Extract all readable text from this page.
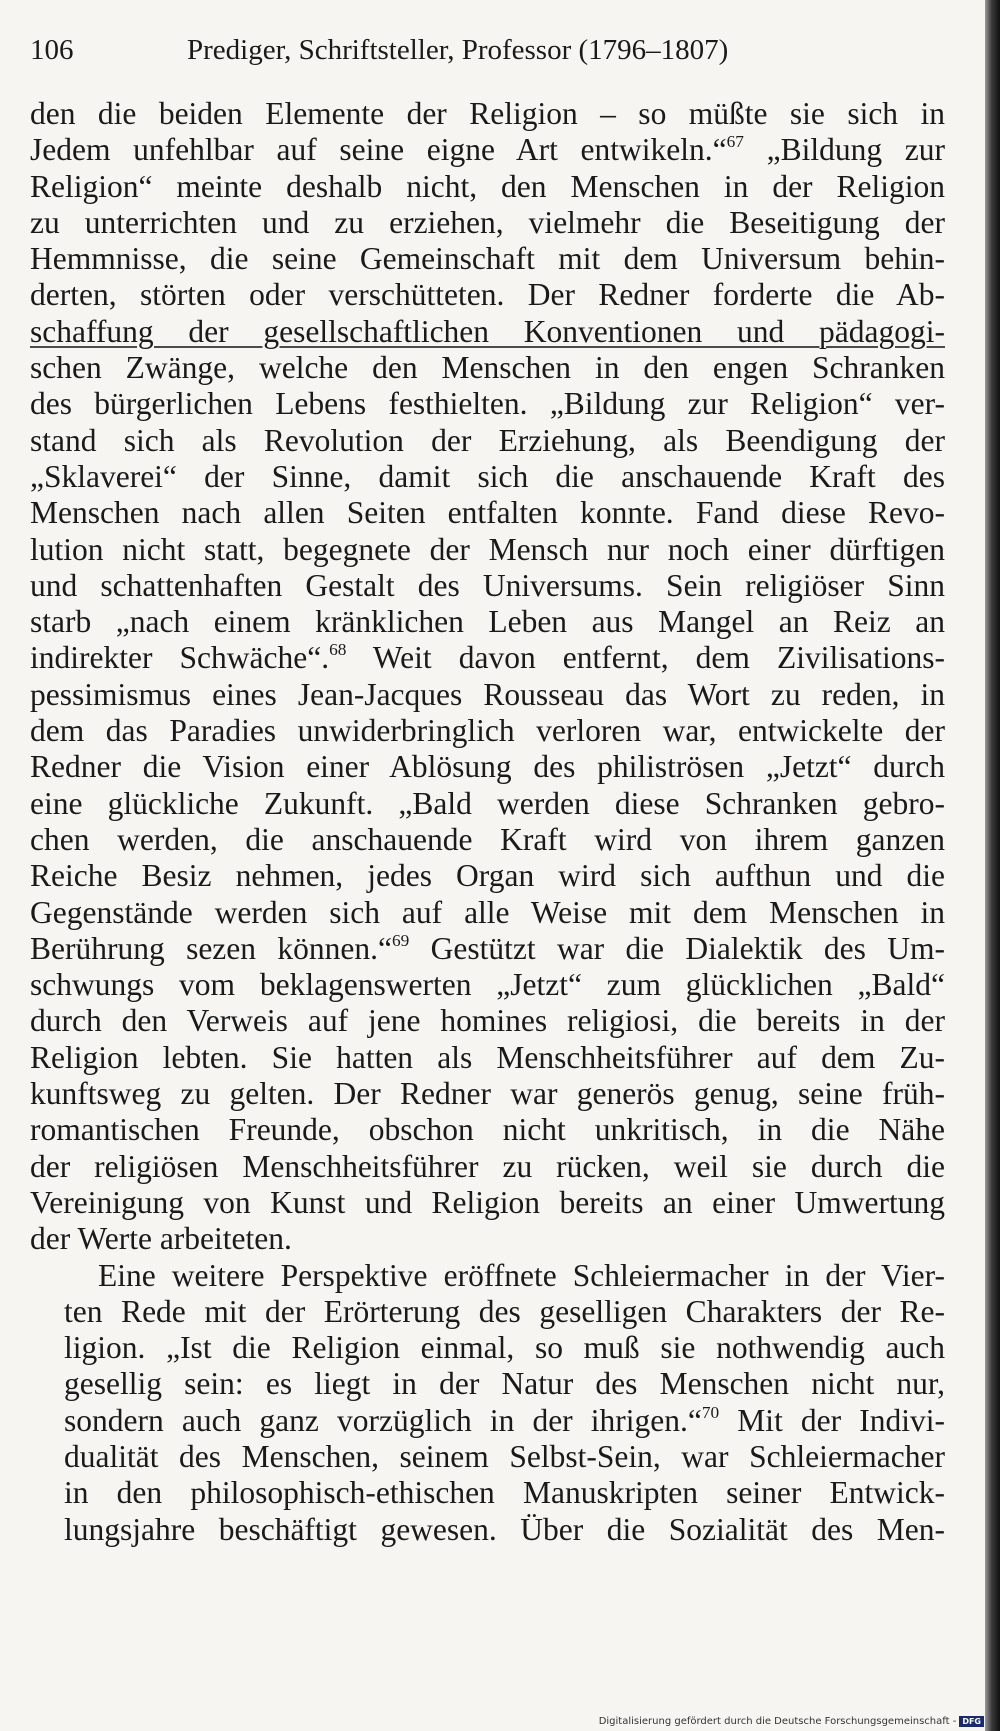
106	Prediger, Schriftsteller, Professor (1796–1807)
den die beiden Elemente der Religion – so müßte sie sich in
Jedem unfehlbar auf seine eigne Art entwikeln.“$^{67}$ „Bildung zur
Religion“ meinte deshalb nicht, den Menschen in der Religion
zu unterrichten und zu erziehen, vielmehr die Beseitigung der
Hemmnisse, die seine Gemeinschaft mit dem Universum behin-
derten, störten oder verschütteten. Der Redner forderte die Ab-
schaffung der gesellschaftlichen Konventionen und pädagogi-
schen Zwänge, welche den Menschen in den engen Schranken
des bürgerlichen Lebens festhielten. „Bildung zur Religion“ ver-
stand sich als Revolution der Erziehung, als Beendigung der
„Sklaverei“ der Sinne, damit sich die anschauende Kraft des
Menschen nach allen Seiten entfalten konnte. Fand diese Revo-
lution nicht statt, begegnete der Mensch nur noch einer dürftigen
und schattenhaften Gestalt des Universums. Sein religiöser Sinn
starb „nach einem kränklichen Leben aus Mangel an Reiz an
indirekter Schwäche“.$^{68}$ Weit davon entfernt, dem Zivilisations-
pessimismus eines Jean-Jacques Rousseau das Wort zu reden, in
dem das Paradies unwiderbringlich verloren war, entwickelte der
Redner die Vision einer Ablösung des philiströsen „Jetzt“ durch
eine glückliche Zukunft. „Bald werden diese Schranken gebro-
chen werden, die anschauende Kraft wird von ihrem ganzen
Reiche Besiz nehmen, jedes Organ wird sich aufthun und die
Gegenstände werden sich auf alle Weise mit dem Menschen in
Berührung sezen können.“$^{69}$ Gestützt war die Dialektik des Um-
schwungs vom beklagenswerten „Jetzt“ zum glücklichen „Bald“
durch den Verweis auf jene homines religiosi, die bereits in der
Religion lebten. Sie hatten als Menschheitsführer auf dem Zu-
kunftsweg zu gelten. Der Redner war generös genug, seine früh-
romantischen Freunde, obschon nicht unkritisch, in die Nähe
der religiösen Menschheitsführer zu rücken, weil sie durch die
Vereinigung von Kunst und Religion bereits an einer Umwertung
der Werte arbeiteten.
Eine weitere Perspektive eröffnete Schleiermacher in der Vier-
ten Rede mit der Erörterung des geselligen Charakters der Re-
ligion. „Ist die Religion einmal, so muß sie nothwendig auch
gesellig sein: es liegt in der Natur des Menschen nicht nur,
sondern auch ganz vorzüglich in der ihrigen.“$^{70}$ Mit der Indivi-
dualität des Menschen, seinem Selbst-Sein, war Schleiermacher
in den philosophisch-ethischen Manuskripten seiner Entwick-
lungsjahre beschäftigt gewesen. Über die Sozialität des Men-
Digitalisierung gefördert durch die Deutsche Forschungsgemeinschaft - DFG
